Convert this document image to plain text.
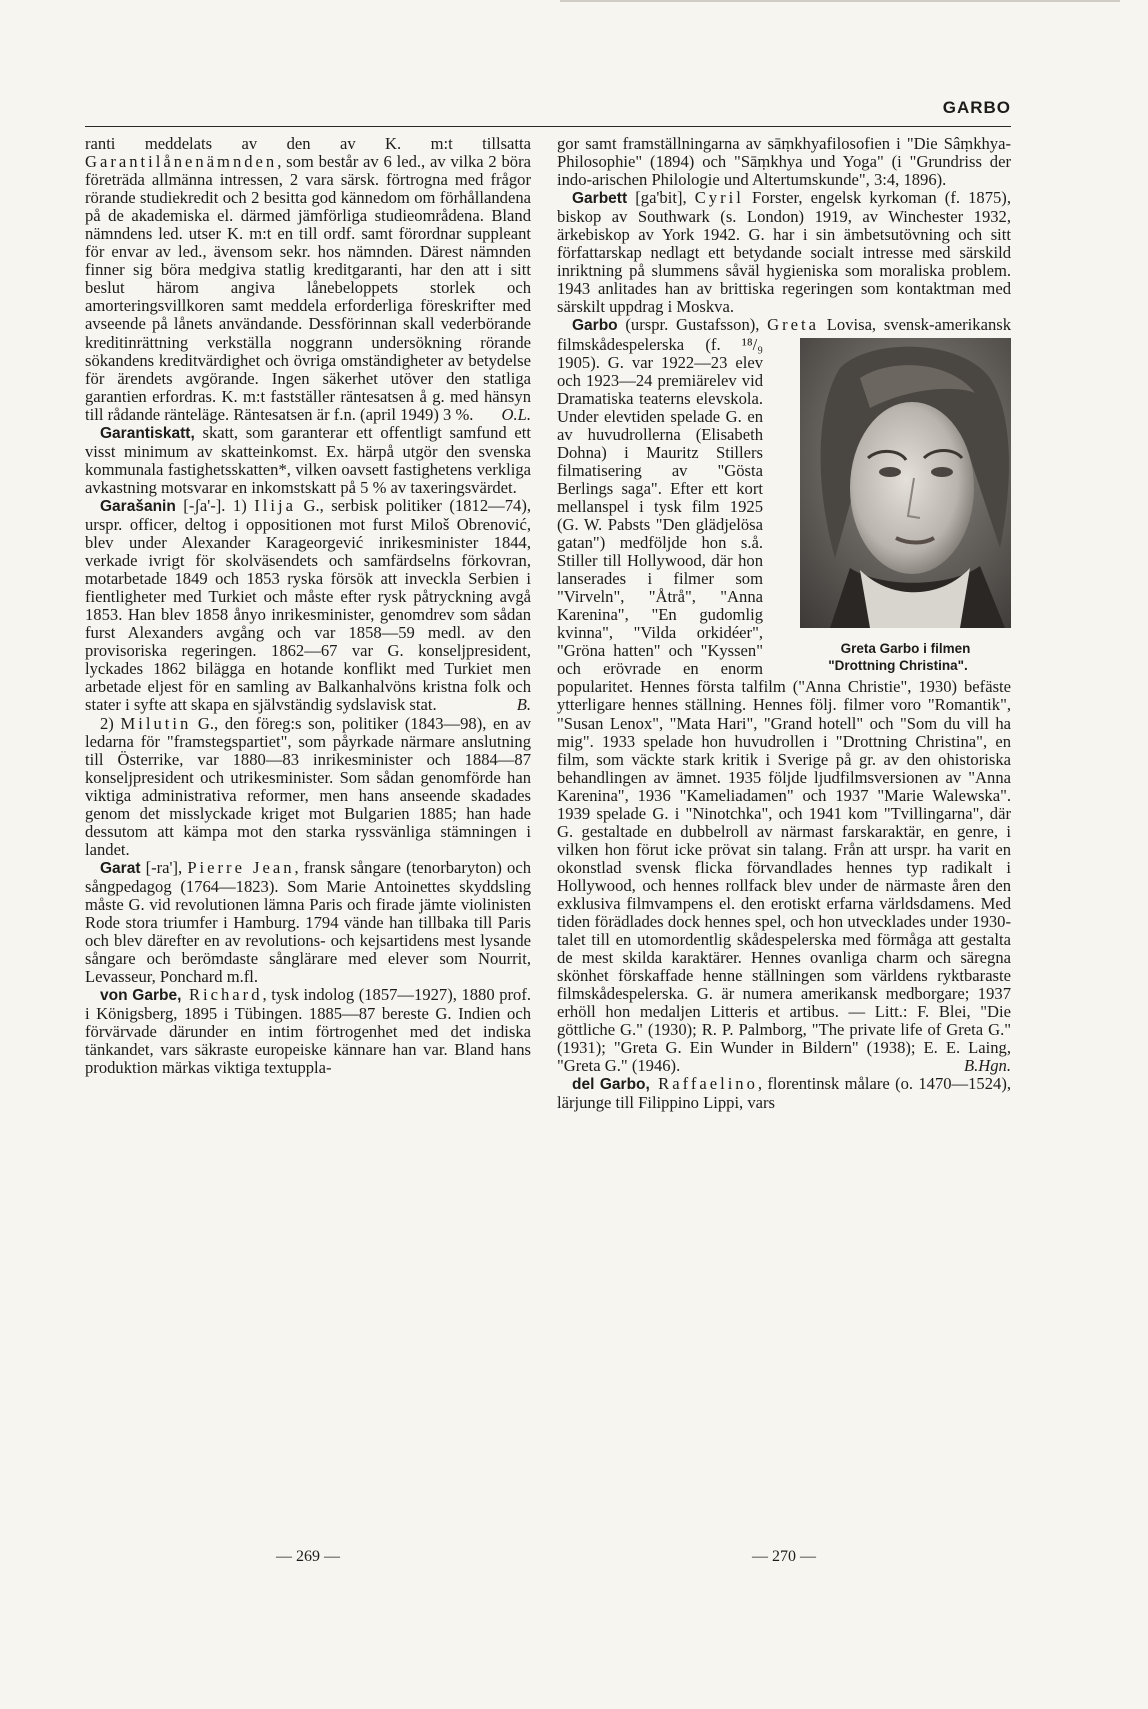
GARBO

ranti meddelats av den av K. m:t tillsatta Garantilånenämnden, som består av 6 led., av vilka 2 böra företräda allmänna intressen, 2 vara särsk. förtrogna med frågor rörande studiekredit och 2 besitta god kännedom om förhållandena på de akademiska el. därmed jämförliga studieområdena. Bland nämndens led. utser K. m:t en till ordf. samt förordnar suppleant för envar av led., ävensom sekr. hos nämnden. Därest nämnden finner sig böra medgiva statlig kreditgaranti, har den att i sitt beslut härom angiva lånebeloppets storlek och amorteringsvillkoren samt meddela erforderliga föreskrifter med avseende på lånets användande. Dessförinnan skall vederbörande kreditinrättning verkställa noggrann undersökning rörande sökandens kreditvärdighet och övriga omständigheter av betydelse för ärendets avgörande. Ingen säkerhet utöver den statliga garantien erfordras. K. m:t fastställer räntesatsen å g. med hänsyn till rådande ränteläge. Räntesatsen är f.n. (april 1949) 3 %. O.L.

Garantiskatt, skatt, som garanterar ett offentligt samfund ett visst minimum av skatteinkomst. Ex. härpå utgör den svenska kommunala fastighetsskatten*, vilken oavsett fastighetens verkliga avkastning motsvarar en inkomstskatt på 5 % av taxeringsvärdet.

Garašanin [-ʃa'-]. 1) Ilija G., serbisk politiker (1812—74), urspr. officer, deltog i oppositionen mot furst Miloš Obrenović, blev under Alexander Karageorgević inrikesminister 1844, verkade ivrigt för skolväsendets och samfärdselns förkovran, motarbetade 1849 och 1853 ryska försök att inveckla Serbien i fientligheter med Turkiet och måste efter rysk påtryckning avgå 1853. Han blev 1858 ånyo inrikesminister, genomdrev som sådan furst Alexanders avgång och var 1858—59 medl. av den provisoriska regeringen. 1862—67 var G. konseljpresident, lyckades 1862 bilägga en hotande konflikt med Turkiet men arbetade eljest för en samling av Balkanhalvöns kristna folk och stater i syfte att skapa en självständig sydslavisk stat.	B.

2) Milutin G., den föreg:s son, politiker (1843—98), en av ledarna för "framstegspartiet", som påyrkade närmare anslutning till Österrike, var 1880—83 inrikesminister och 1884—87 konseljpresident och utrikesminister. Som sådan genomförde han viktiga administrativa reformer, men hans anseende skadades genom det misslyckade kriget mot Bulgarien 1885; han hade dessutom att kämpa mot den starka ryssvänliga stämningen i landet.

Garat [-ra'], Pierre Jean, fransk sångare (tenorbaryton) och sångpedagog (1764—1823). Som Marie Antoinettes skyddsling måste G. vid revolutionen lämna Paris och firade jämte violinisten Rode stora triumfer i Hamburg. 1794 vände han tillbaka till Paris och blev därefter en av revolutions- och kejsartidens mest lysande sångare och berömdaste sånglärare med elever som Nourrit, Levasseur, Ponchard m.fl.

von Garbe, Richard, tysk indolog (1857—1927), 1880 prof. i Königsberg, 1895 i Tübingen. 1885—87 bereste G. Indien och förvärvade därunder en intim förtrogenhet med det indiska tänkandet, vars säkraste europeiske kännare han var. Bland hans produktion märkas viktiga textuppla-

gor samt framställningarna av sāṃkhyafilosofien i "Die Sâṃkhya-Philosophie" (1894) och "Sāṃkhya und Yoga" (i "Grundriss der indo-arischen Philologie und Altertumskunde", 3:4, 1896).

Garbett [ga'bit], Cyril Forster, engelsk kyrkoman (f. 1875), biskop av Southwark (s. London) 1919, av Winchester 1932, ärkebiskop av York 1942. G. har i sin ämbetsutövning och sitt författarskap nedlagt ett betydande socialt intresse med särskild inriktning på slummens såväl hygieniska som moraliska problem. 1943 anlitades han av brittiska regeringen som kontaktman med särskilt uppdrag i Moskva.

Garbo (urspr. Gustafsson), Greta
Greta Garbo i filmen
"Drottning Christina".
Lovisa, svensk-amerikansk filmskådespelerska (f. ¹⁸/₉ 1905). G. var 1922—23 elev och 1923—24 premiärelev vid Dramatiska teaterns elevskola. Under elevtiden spelade G. en av huvudrollerna (Elisabeth Dohna) i Mauritz Stillers filmatisering av "Gösta Berlings saga". Efter ett kort mellanspel i tysk film 1925 (G. W. Pabsts "Den glädjelösa gatan") medföljde hon s.å. Stiller till Hollywood, där hon lanserades i filmer som "Virveln", "Åtrå", "Anna Karenina", "En gudomlig kvinna", "Vilda orkidéer", "Gröna hatten" och "Kyssen" och erövrade en enorm popularitet. Hennes första talfilm ("Anna Christie", 1930) befäste ytterligare hennes ställning. Hennes följ. filmer voro "Romantik", "Susan Lenox", "Mata Hari", "Grand hotell" och "Som du vill ha mig". 1933 spelade hon huvudrollen i "Drottning Christina", en film, som väckte stark kritik i Sverige på gr. av den ohistoriska behandlingen av ämnet. 1935 följde ljudfilmsversionen av "Anna Karenina", 1936 "Kameliadamen" och 1937 "Marie Walewska". 1939 spelade G. i "Ninotchka", och 1941 kom "Tvillingarna", där G. gestaltade en dubbelroll av närmast farskaraktär, en genre, i vilken hon förut icke prövat sin talang. Från att urspr. ha varit en okonstlad svensk flicka förvandlades hennes typ radikalt i Hollywood, och hennes rollfack blev under de närmaste åren den exklusiva filmvampens el. den erotiskt erfarna världsdamens. Med tiden förädlades dock hennes spel, och hon utvecklades under 1930-talet till en utomordentlig skådespelerska med förmåga att gestalta de mest skilda karaktärer. Hennes ovanliga charm och säregna skönhet förskaffade henne ställningen som världens ryktbaraste filmskådespelerska. G. är numera amerikansk medborgare; 1937 erhöll hon medaljen Litteris et artibus. — Litt.: F. Blei, "Die göttliche G." (1930); R. P. Palmborg, "The private life of Greta G." (1931); "Greta G. Ein Wunder in Bildern" (1938); E. E. Laing, "Greta G." (1946).	B.Hgn.

del Garbo, Raffaelino, florentinsk målare (o. 1470—1524), lärjunge till Filippino Lippi, vars

— 269 —	— 270 —
